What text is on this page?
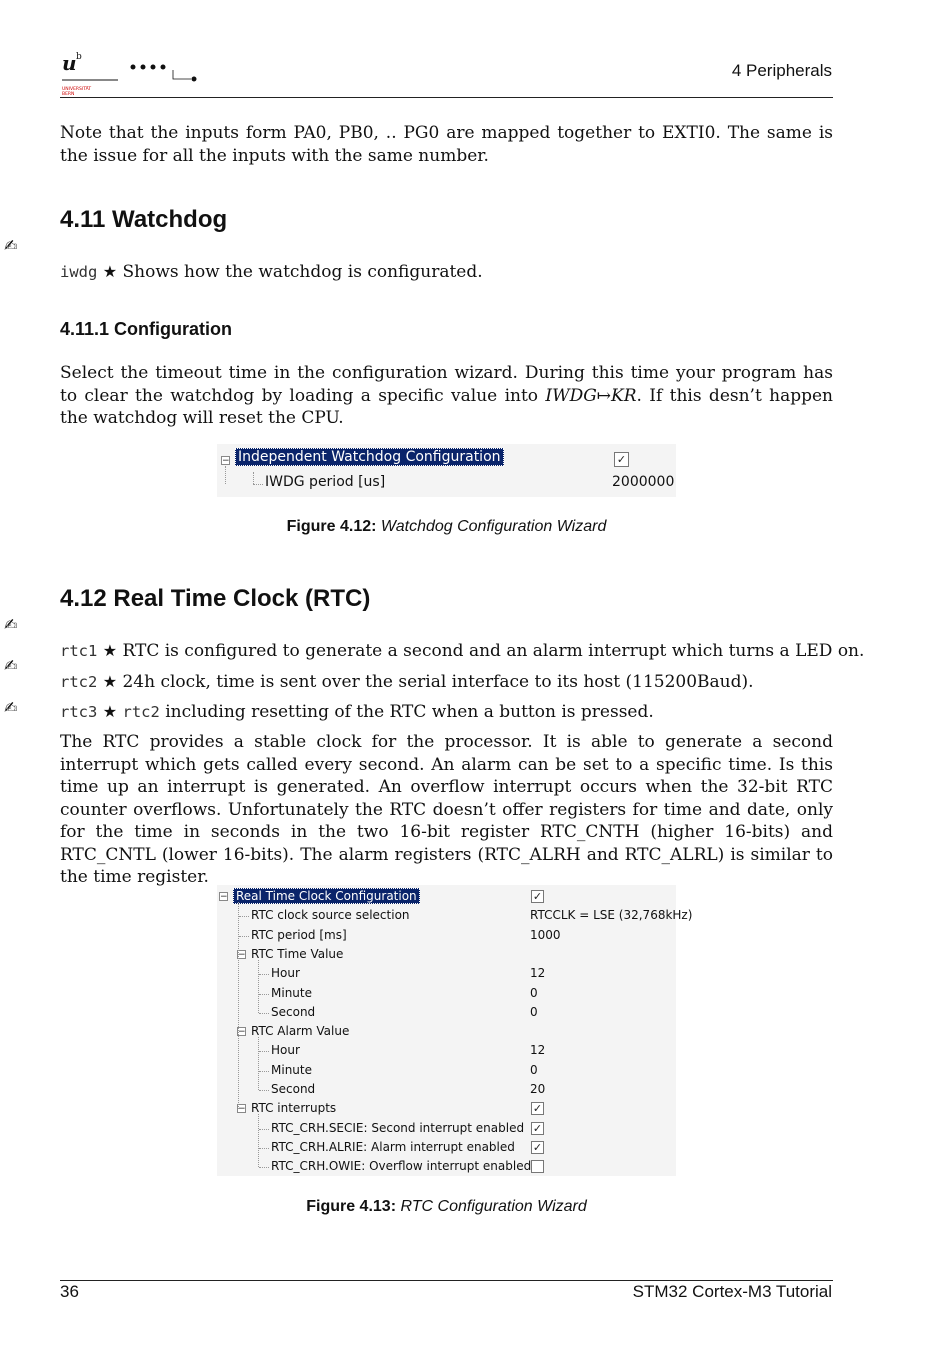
u b
UNIVERSITÄT
BERN
4 Peripherals

Note that the inputs form PA0, PB0, .. PG0 are mapped together to EXTI0. The same is the issue for all the inputs with the same number.

4.11 Watchdog
✍
iwdg ★ Shows how the watchdog is configurated.
4.11.1 Configuration

Select the timeout time in the configuration wizard. During this time your program has to clear the watchdog by loading a specific value into IWDG↦KR. If this desn’t happen the watchdog will reset the CPU.

− Independent Watchdog Configuration	✓
IWDG period [us]	2000000
Figure 4.12: Watchdog Configuration Wizard
4.12 Real Time Clock (RTC)
✍
✍
✍
rtc1 ★ RTC is configured to generate a second and an alarm interrupt which turns a LED on.
rtc2 ★ 24h clock, time is sent over the serial interface to its host (115200Baud).
rtc3 ★ rtc2 including resetting of the RTC when a button is pressed.

The RTC provides a stable clock for the processor. It is able to generate a second interrupt which gets called every second. An alarm can be set to a specific time. Is this time up an interrupt is generated. An overflow interrupt occurs when the 32-bit RTC counter overflows. Unfortunately the RTC doesn’t offer registers for time and date, only for the time in seconds in the two 16-bit register RTC_CNTH (higher 16-bits) and RTC_CNTL (lower 16-bits). The alarm registers (RTC_ALRH and RTC_ALRL) is similar to the time register.

− Real Time Clock Configuration	✓
RTC clock source selection	RTCCLK = LSE (32,768kHz)
RTC period [ms]	1000
− RTC Time Value
Hour	12
Minute	0
Second	0
− RTC Alarm Value
Hour	12
Minute	0
Second	20
− RTC interrupts	✓
RTC_CRH.SECIE: Second interrupt enabled ✓
RTC_CRH.ALRIE: Alarm interrupt enabled ✓
RTC_CRH.OWIE: Overflow interrupt enabled
Figure 4.13: RTC Configuration Wizard
36	STM32 Cortex-M3 Tutorial
